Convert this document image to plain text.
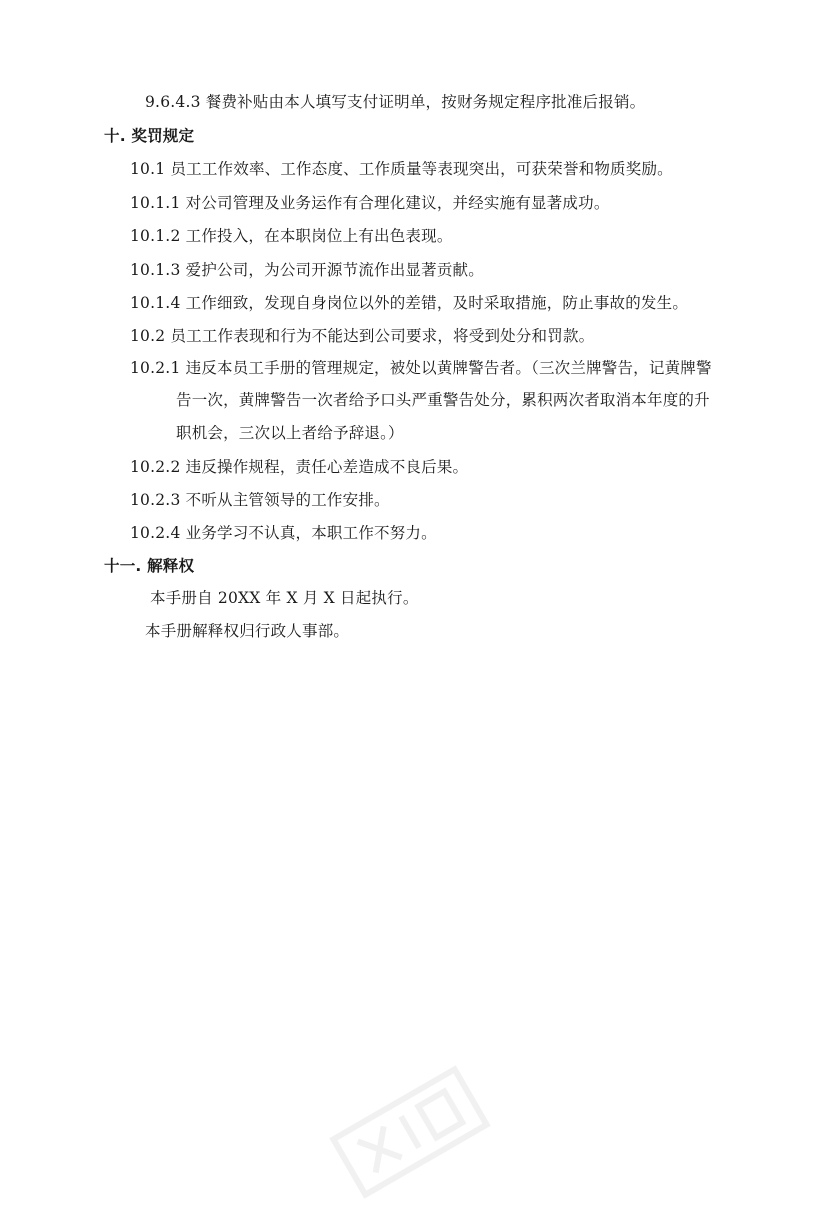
9.6.4.3 餐费补贴由本人填写支付证明单，按财务规定程序批准后报销。
十. 奖罚规定
10.1 员工工作效率、工作态度、工作质量等表现突出，可获荣誉和物质奖励。
10.1.1 对公司管理及业务运作有合理化建议，并经实施有显著成功。
10.1.2 工作投入，在本职岗位上有出色表现。
10.1.3 爱护公司，为公司开源节流作出显著贡献。
10.1.4 工作细致，发现自身岗位以外的差错，及时采取措施，防止事故的发生。
10.2 员工工作表现和行为不能达到公司要求，将受到处分和罚款。
10.2.1 违反本员工手册的管理规定，被处以黄牌警告者。（三次兰牌警告，记黄牌警
告一次，黄牌警告一次者给予口头严重警告处分，累积两次者取消本年度的升
职机会，三次以上者给予辞退。）
10.2.2 违反操作规程，责任心差造成不良后果。
10.2.3 不听从主管领导的工作安排。
10.2.4 业务学习不认真，本职工作不努力。
十一. 解释权
本手册自 20XX 年 X 月 X 日起执行。
本手册解释权归行政人事部。
